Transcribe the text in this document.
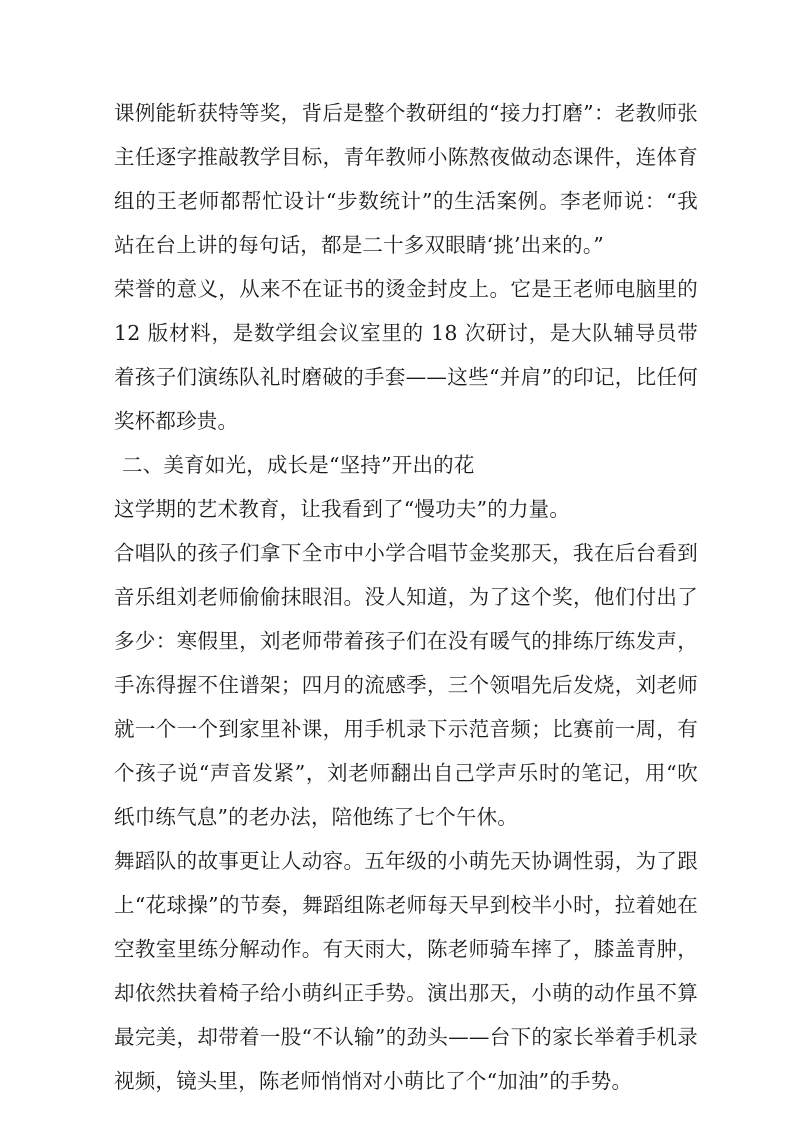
课例能斩获特等奖，背后是整个教研组的“接力打磨”：老教师张主任逐字推敲教学目标，青年教师小陈熬夜做动态课件，连体育组的王老师都帮忙设计“步数统计”的生活案例。李老师说：“我站在台上讲的每句话，都是二十多双眼睛‘挑’出来的。”

荣誉的意义，从来不在证书的烫金封皮上。它是王老师电脑里的 12 版材料，是数学组会议室里的 18 次研讨，是大队辅导员带着孩子们演练队礼时磨破的手套——这些“并肩”的印记，比任何奖杯都珍贵。

二、美育如光，成长是“坚持”开出的花

这学期的艺术教育，让我看到了“慢功夫”的力量。

合唱队的孩子们拿下全市中小学合唱节金奖那天，我在后台看到音乐组刘老师偷偷抹眼泪。没人知道，为了这个奖，他们付出了多少：寒假里，刘老师带着孩子们在没有暖气的排练厅练发声，手冻得握不住谱架；四月的流感季，三个领唱先后发烧，刘老师就一个一个到家里补课，用手机录下示范音频；比赛前一周，有个孩子说“声音发紧”，刘老师翻出自己学声乐时的笔记，用“吹纸巾练气息”的老办法，陪他练了七个午休。

舞蹈队的故事更让人动容。五年级的小萌先天协调性弱，为了跟上“花球操”的节奏，舞蹈组陈老师每天早到校半小时，拉着她在空教室里练分解动作。有天雨大，陈老师骑车摔了，膝盖青肿，却依然扶着椅子给小萌纠正手势。演出那天，小萌的动作虽不算最完美，却带着一股“不认输”的劲头——台下的家长举着手机录视频，镜头里，陈老师悄悄对小萌比了个“加油”的手势。
